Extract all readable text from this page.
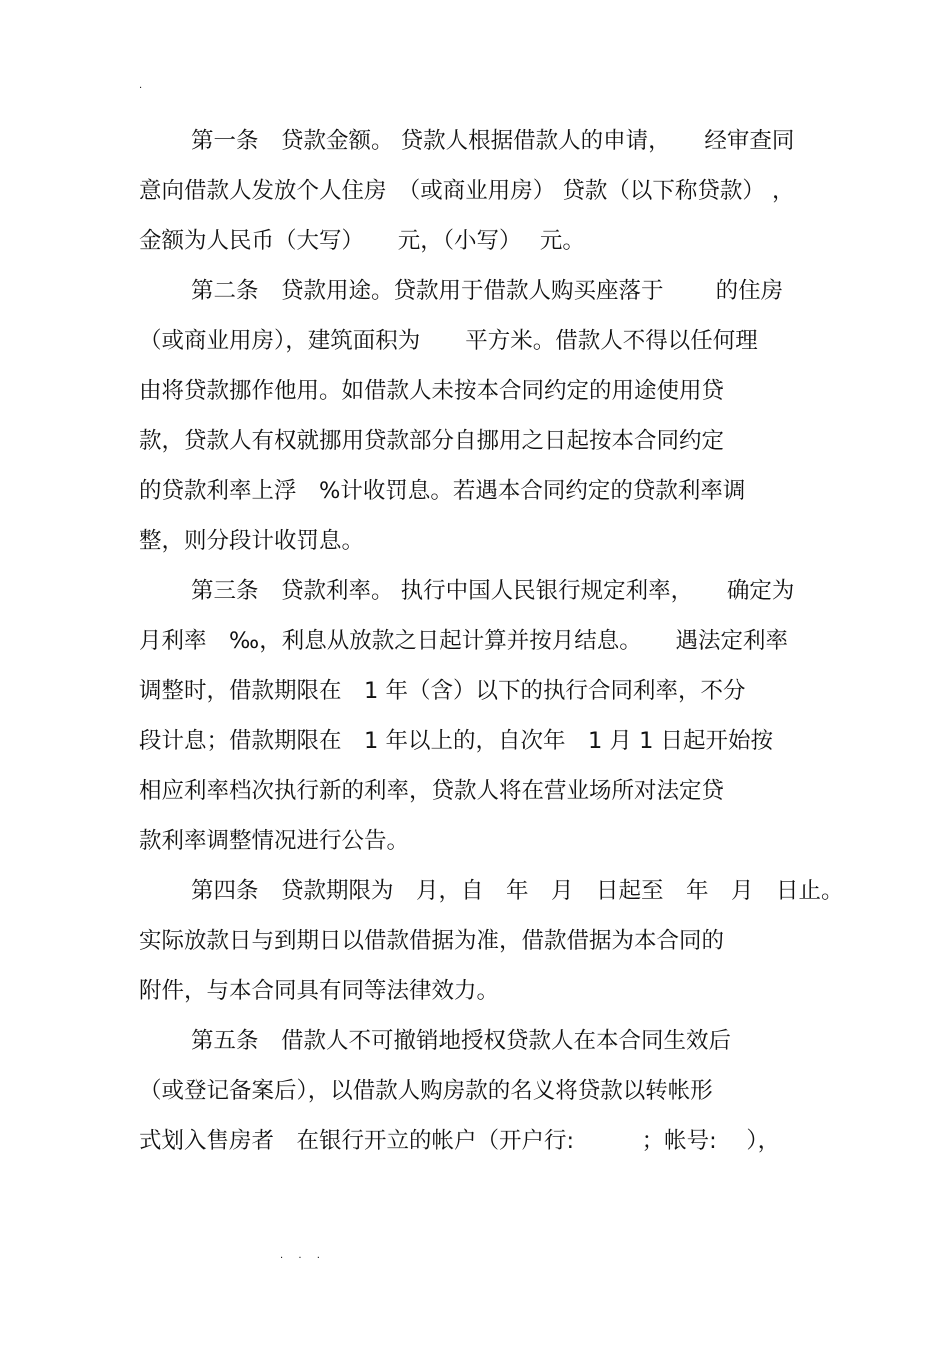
.
第一条　贷款金额。 贷款人根据借款人的申请，　　经审查同
意向借款人发放个人住房　（或商业用房） 贷款（以下称贷款） ，
金额为人民币（大写）　　元，（小写）　 元。
第二条　贷款用途。贷款用于借款人购买座落于　　 的住房
（或商业用房），建筑面积为　　平方米。借款人不得以任何理
由将贷款挪作他用。如借款人未按本合同约定的用途使用贷
款，贷款人有权就挪用贷款部分自挪用之日起按本合同约定
的贷款利率上浮　%计收罚息。若遇本合同约定的贷款利率调
整，则分段计收罚息。
第三条　贷款利率。 执行中国人民银行规定利率，　　确定为
月利率　‰，利息从放款之日起计算并按月结息。　　遇法定利率
调整时，借款期限在　1 年（含）以下的执行合同利率，不分
段计息；借款期限在　1 年以上的，自次年　1 月 1 日起开始按
相应利率档次执行新的利率，贷款人将在营业场所对法定贷
款利率调整情况进行公告。
第四条　贷款期限为　月，自　年　月　日起至　年　月　日止。
实际放款日与到期日以借款借据为准，借款借据为本合同的
附件，与本合同具有同等法律效力。
第五条　借款人不可撤销地授权贷款人在本合同生效后
（或登记备案后），以借款人购房款的名义将贷款以转帐形
式划入售房者　在银行开立的帐户（开户行:　　　；帐号:　 ），
. . .
